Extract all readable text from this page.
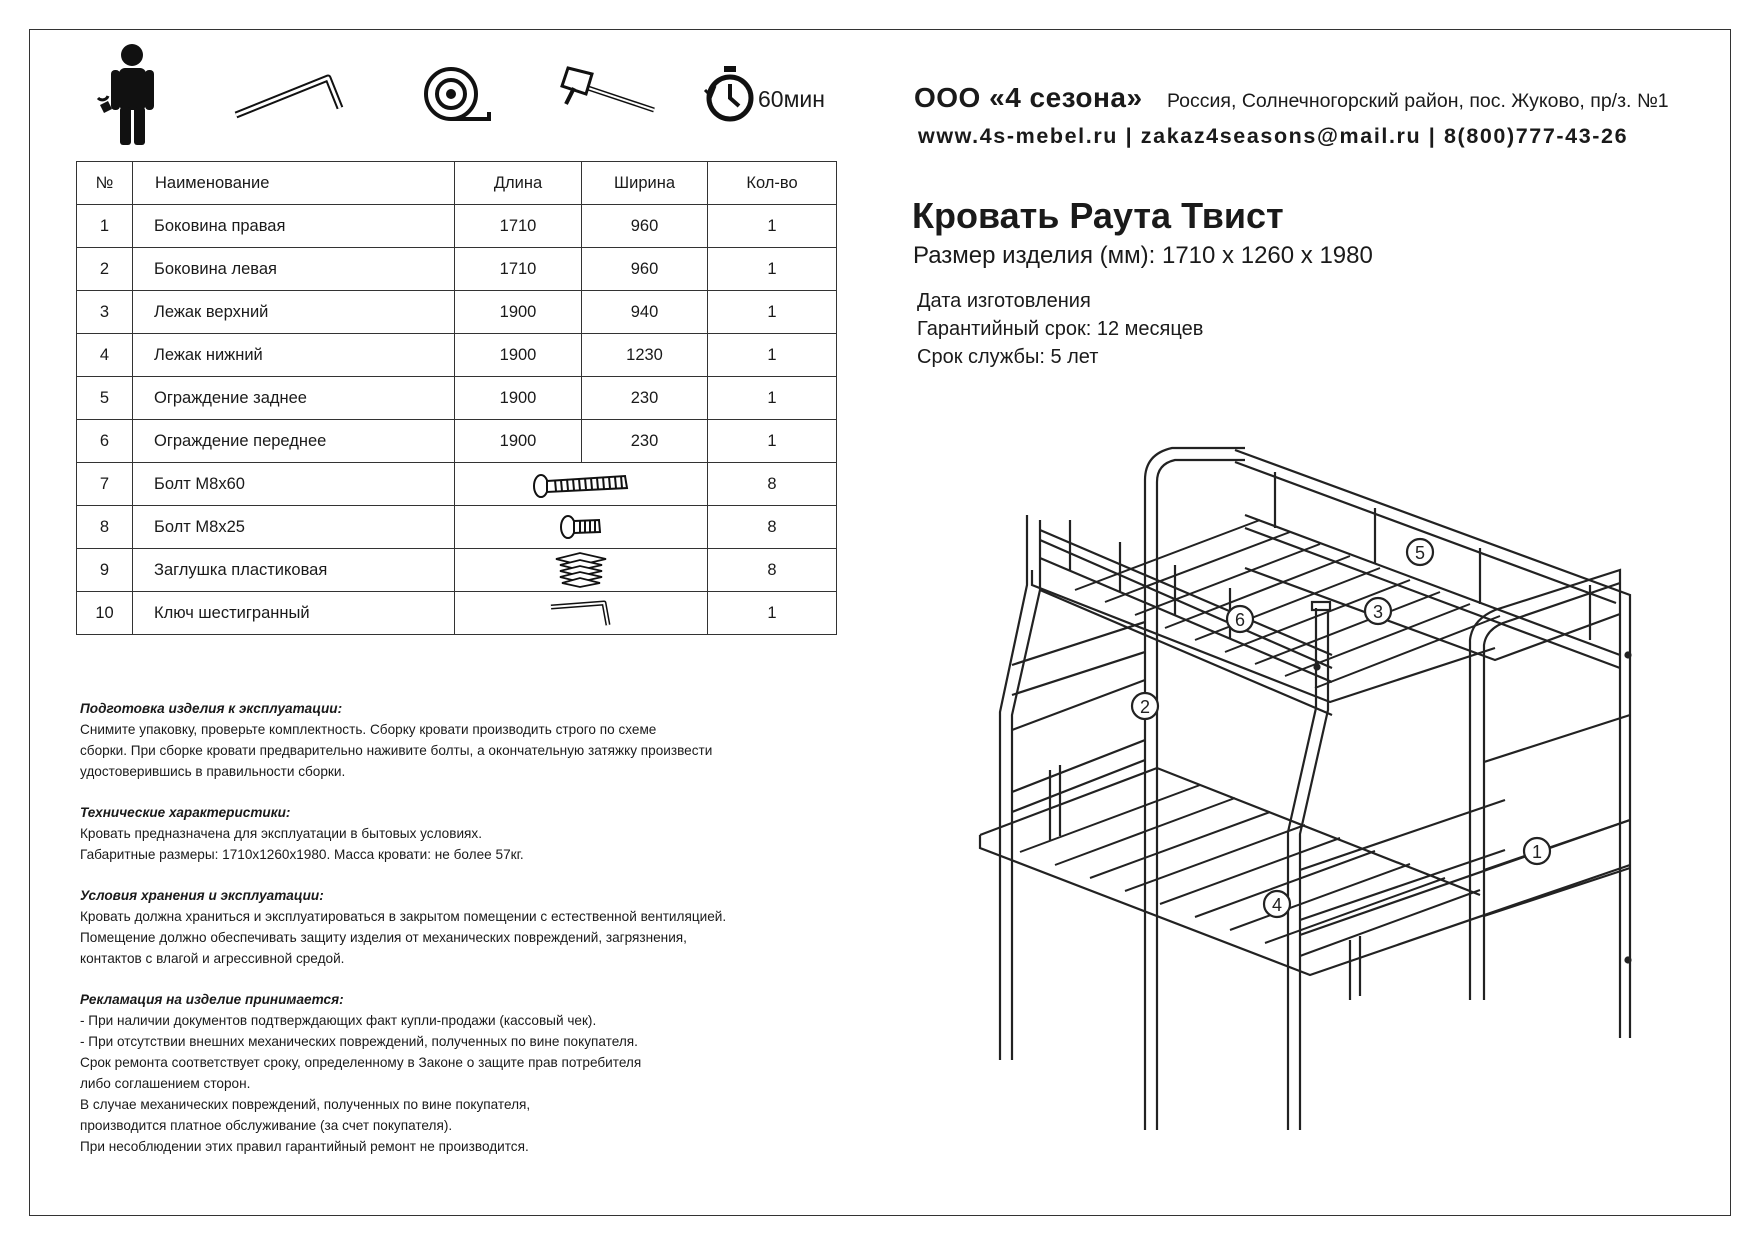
60мин
№	Наименование	Длина	Ширина	Кол-во
1	Боковина правая	1710	960	1
2	Боковина левая	1710	960	1
3	Лежак верхний	1900	940	1
4	Лежак нижний	1900	1230	1
5	Ограждение заднее	1900	230	1
6	Ограждение переднее	1900	230	1
7	Болт М8х60			8
8	Болт М8х25			8
9	Заглушка пластиковая			8
10	Ключ шестигранный			1
ООО «4 сезона» Россия, Солнечногорский район, пос. Жуково, пр/з. №1
www.4s-mebel.ru | zakaz4seasons@mail.ru | 8(800)777-43-26
Кровать Раута Твист
Размер изделия (мм): 1710 х 1260 х 1980
Дата изготовления
Гарантийный срок: 12 месяцев
Срок службы: 5 лет
Подготовка изделия к эксплуатации:

Снимите упаковку, проверьте комплектность. Сборку кровати производить строго по схеме

сборки. При сборке кровати предварительно наживите болты, а окончательную затяжку произвести

удостоверившись в правильности сборки.

Технические характеристики:

Кровать предназначена для эксплуатации в бытовых условиях.

Габаритные размеры: 1710х1260х1980. Масса кровати: не более 57кг.

Условия хранения и эксплуатации:

Кровать должна храниться и эксплуатироваться в закрытом помещении с естественной вентиляцией.

Помещение должно обеспечивать защиту изделия от механических повреждений, загрязнения,

контактов с влагой и агрессивной средой.

Рекламация на изделие принимается:

- При наличии документов подтверждающих факт купли-продажи (кассовый чек).

- При отсутствии внешних механических повреждений, полученных по вине покупателя.

Срок ремонта соответствует сроку, определенному в Законе о защите прав потребителя

либо соглашением сторон.

В случае механических повреждений, полученных по вине покупателя,

производится платное обслуживание (за счет покупателя).

При несоблюдении этих правил гарантийный ремонт не производится.

5
6	3
2
1
4
